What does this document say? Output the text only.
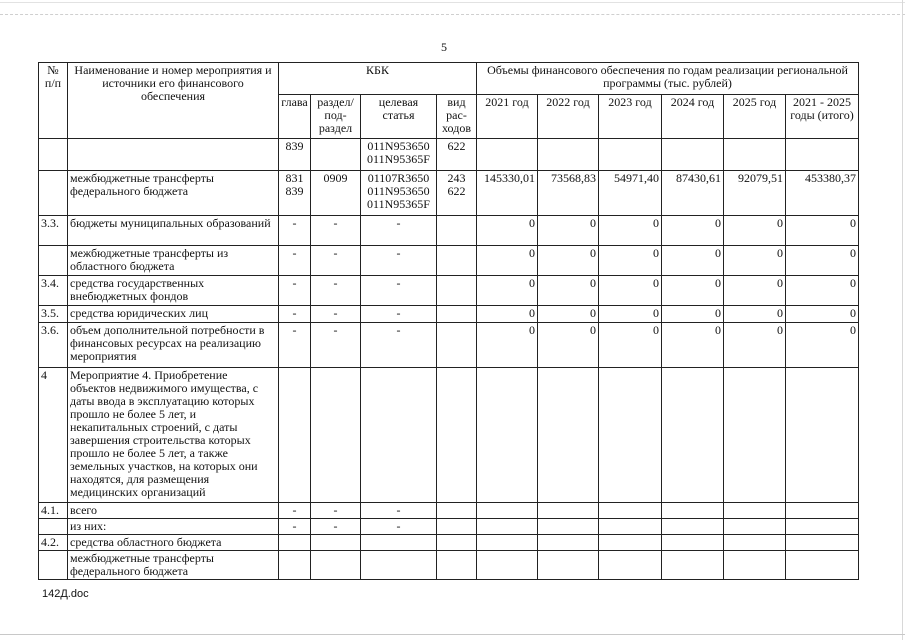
5
№ п/п	Наименование и номер мероприятия и источники его финансового обеспечения	КБК				Объемы финансового обеспечения по годам реализации региональной программы (тыс. рублей)					
		глава	раздел/ под- раздел	целевая статья	вид рас- ходов	2021 год	2022 год	2023 год	2024 год	2025 год	2021 - 2025 годы (итого)
		839		011N953650 011N95365F	622						
	межбюджетные трансферты федерального бюджета	831 839	0909	01107R3650 011N953650 011N95365F	243 622	145330,01	73568,83	54971,40	87430,61	92079,51	453380,37
3.3.	бюджеты муниципальных образований	-	-	-		0	0	0	0	0	0
	межбюджетные трансферты из областного бюджета	-	-	-		0	0	0	0	0	0
3.4.	средства государственных внебюджетных фондов	-	-	-		0	0	0	0	0	0
3.5.	средства юридических лиц	-	-	-		0	0	0	0	0	0
3.6.	объем дополнительной потребности в финансовых ресурсах на реализацию мероприятия	-	-	-		0	0	0	0	0	0
4	Мероприятие 4. Приобретение объектов недвижимого имущества, с даты ввода в эксплуатацию которых прошло не более 5 лет, и некапитальных строений, с даты завершения строительства которых прошло не более 5 лет, а также земельных участков, на которых они находятся, для размещения медицинских организаций										
4.1.	всего	-	-	-							
	из них:	-	-	-							
4.2.	средства областного бюджета										
	межбюджетные трансферты федерального бюджета										
142Д.doc
